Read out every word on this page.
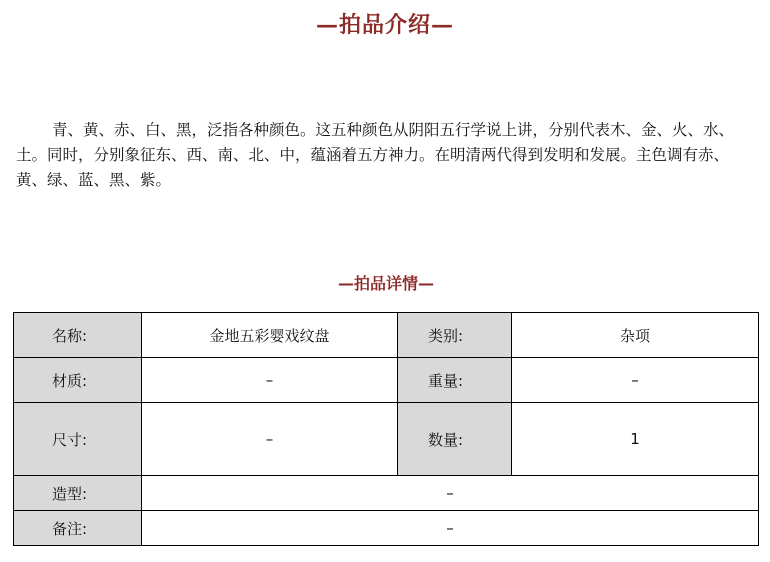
—拍品介绍—

青、黄、赤、白、黑，泛指各种颜色。这五种颜色从阴阳五行学说上讲，分别代表木、金、火、水、土。同时，分别象征东、西、南、北、中，蕴涵着五方神力。在明清两代得到发明和发展。主色调有赤、黄、绿、蓝、黑、紫。

—拍品详情—
名称:	金地五彩婴戏纹盘	类别:	杂项
材质:	–	重量:	–
尺寸:	–	数量:	1
造型:	–		
备注:	–		
